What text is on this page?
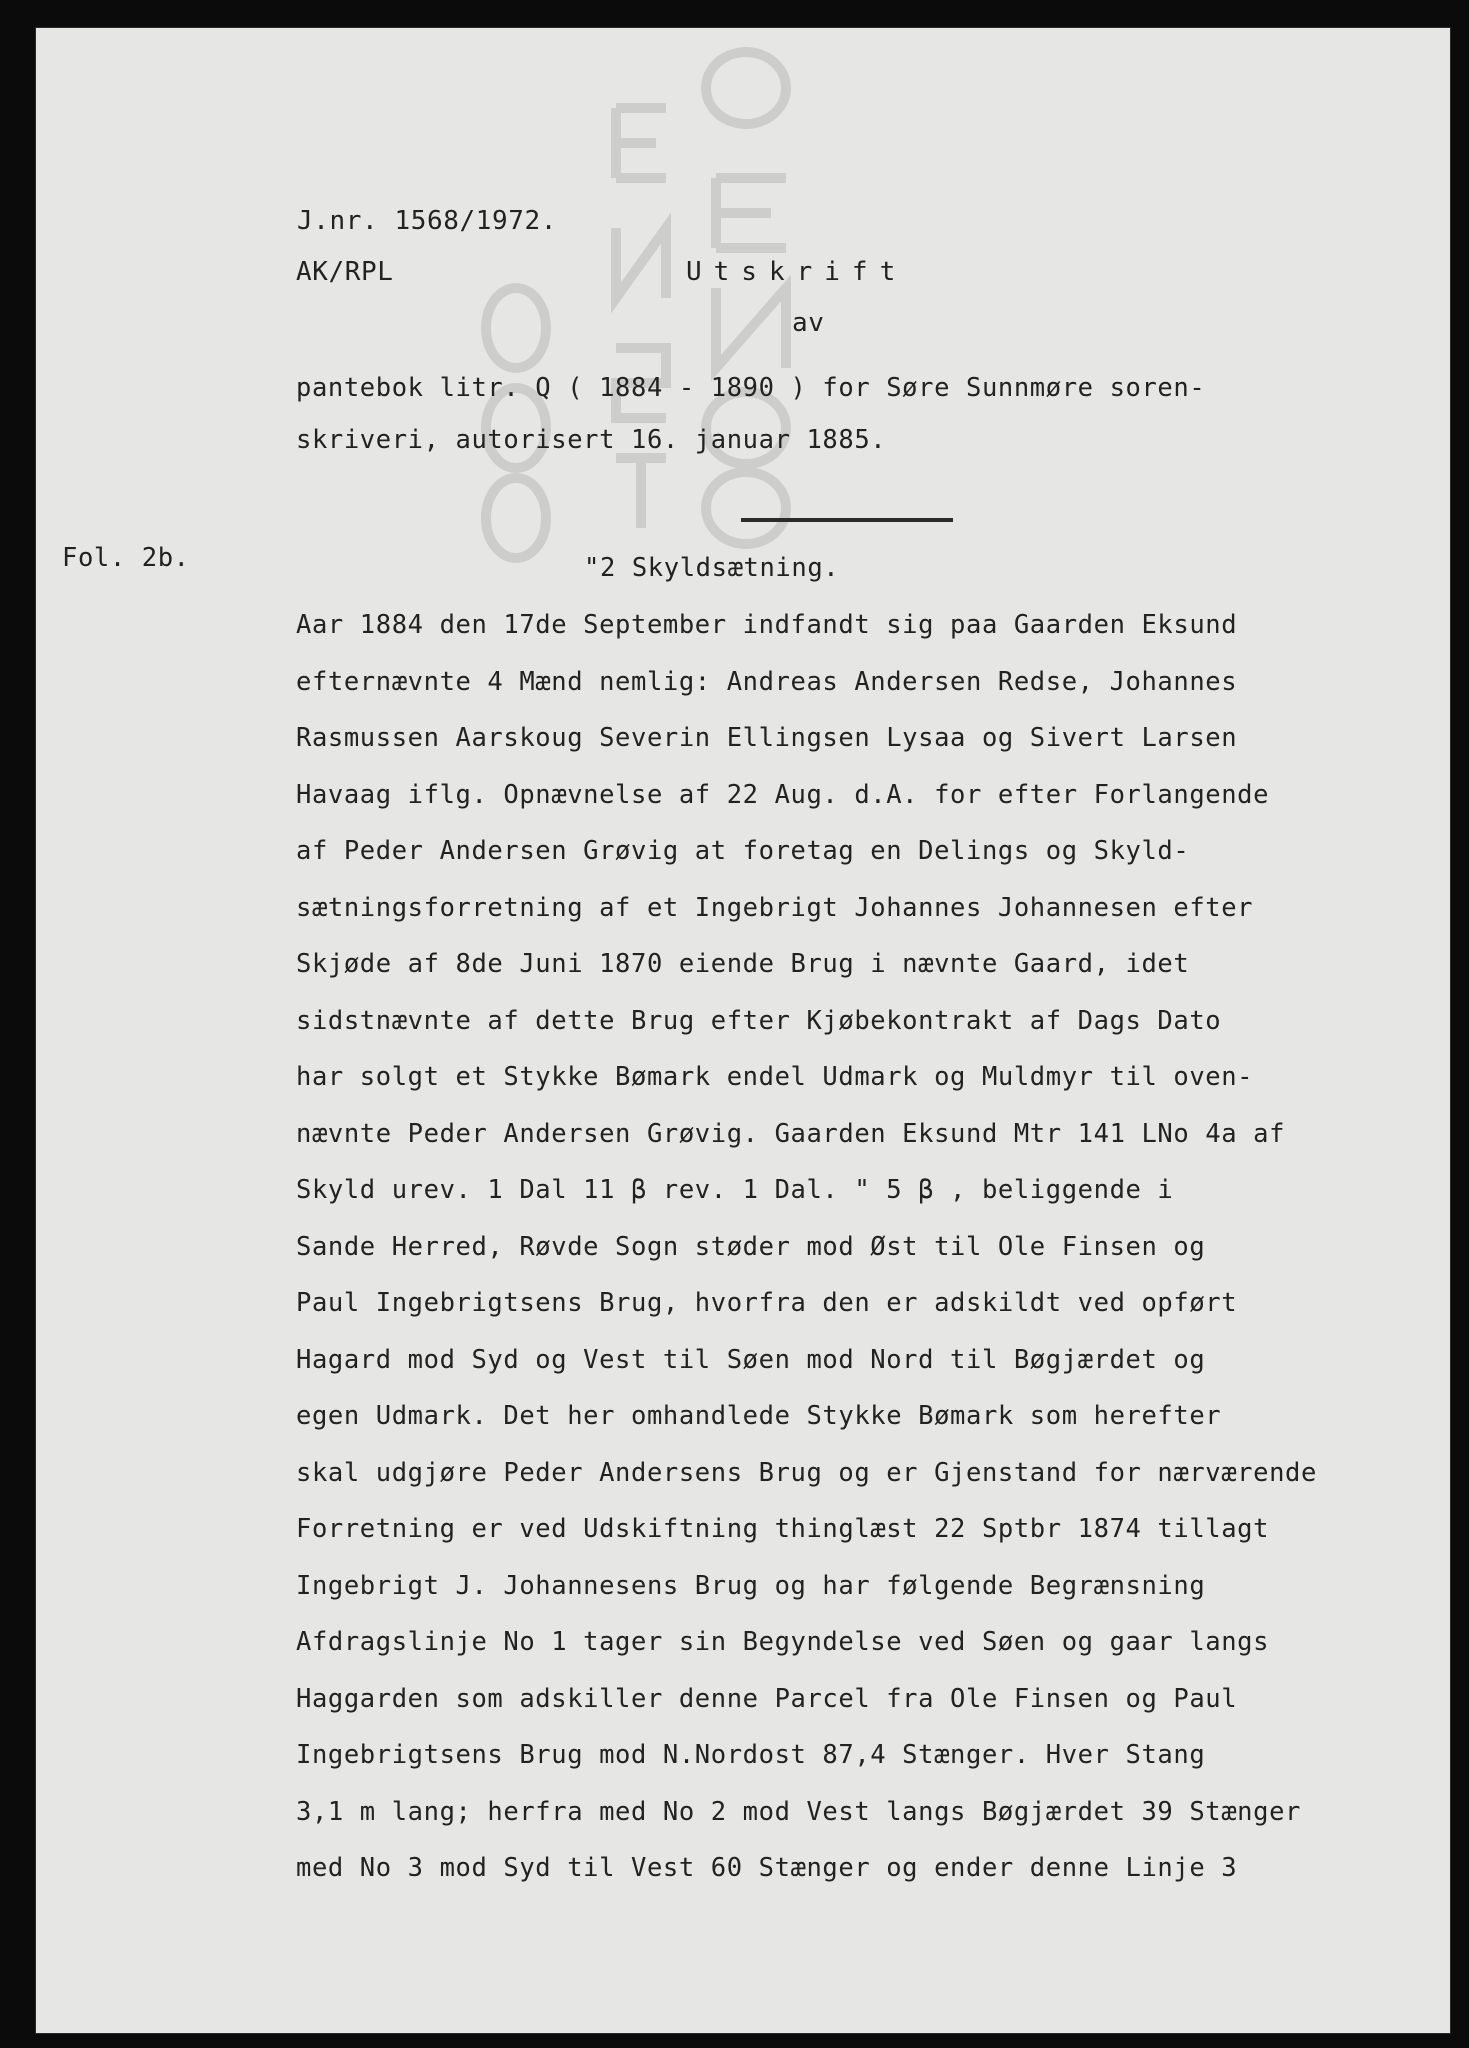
J.nr. 1568/1972.
AK/RPL	Utskrift
av
pantebok litr. Q ( 1884 - 1890 ) for Søre Sunnmøre soren-
skriveri, autorisert 16. januar 1885.
Fol. 2b.	"2 Skyldsætning.
Aar 1884 den 17de September indfandt sig paa Gaarden Eksund
efternævnte 4 Mænd nemlig: Andreas Andersen Redse, Johannes
Rasmussen Aarskoug Severin Ellingsen Lysaa og Sivert Larsen
Havaag iflg. Opnævnelse af 22 Aug. d.A. for efter Forlangende
af Peder Andersen Grøvig at foretag en Delings og Skyld-
sætningsforretning af et Ingebrigt Johannes Johannesen efter
Skjøde af 8de Juni 1870 eiende Brug i nævnte Gaard, idet
sidstnævnte af dette Brug efter Kjøbekontrakt af Dags Dato
har solgt et Stykke Bømark endel Udmark og Muldmyr til oven-
nævnte Peder Andersen Grøvig. Gaarden Eksund Mtr 141 LNo 4a af
Skyld urev. 1 Dal 11 β rev. 1 Dal. " 5 β , beliggende i
Sande Herred, Røvde Sogn støder mod Øst til Ole Finsen og
Paul Ingebrigtsens Brug, hvorfra den er adskildt ved opført
Hagard mod Syd og Vest til Søen mod Nord til Bøgjærdet og
egen Udmark. Det her omhandlede Stykke Bømark som herefter
skal udgjøre Peder Andersens Brug og er Gjenstand for nærværende
Forretning er ved Udskiftning thinglæst 22 Sptbr 1874 tillagt
Ingebrigt J. Johannesens Brug og har følgende Begrænsning
Afdragslinje No 1 tager sin Begyndelse ved Søen og gaar langs
Haggarden som adskiller denne Parcel fra Ole Finsen og Paul
Ingebrigtsens Brug mod N.Nordost 87,4 Stænger. Hver Stang
3,1 m lang; herfra med No 2 mod Vest langs Bøgjærdet 39 Stænger
med No 3 mod Syd til Vest 60 Stænger og ender denne Linje 3
